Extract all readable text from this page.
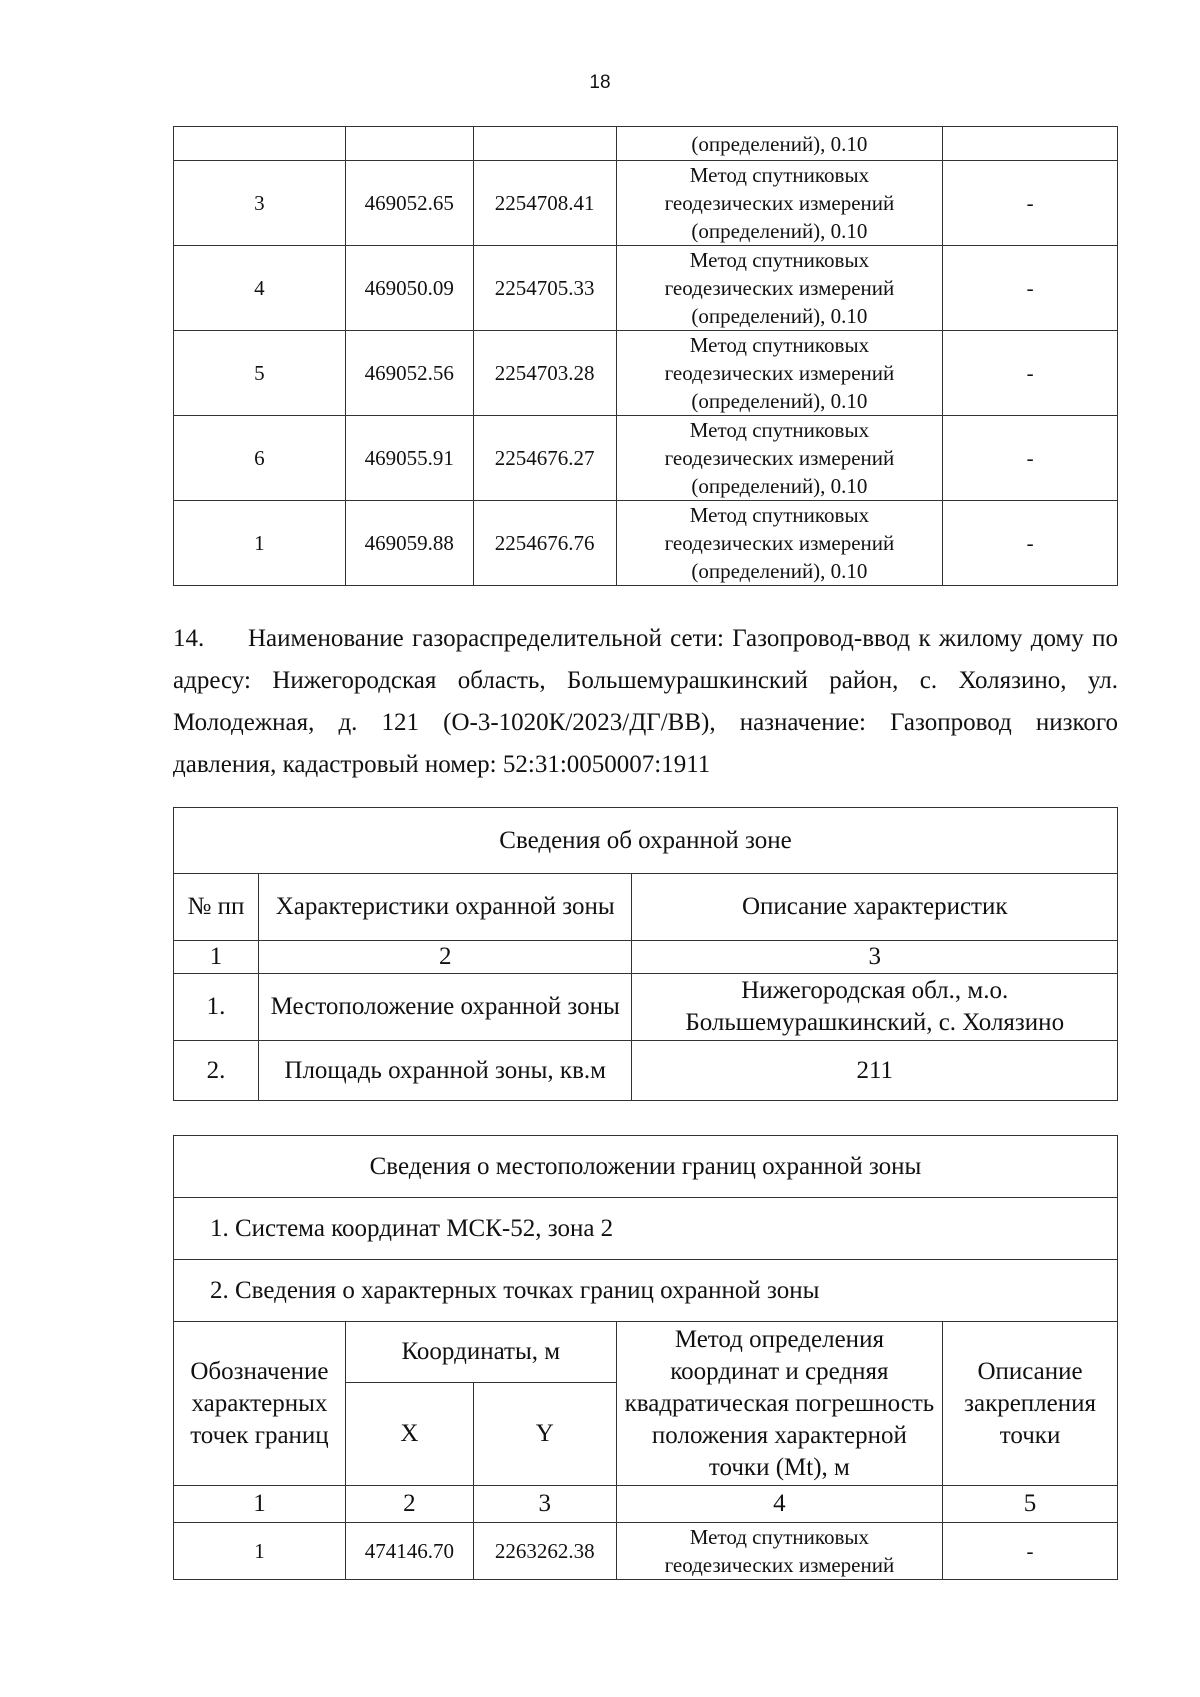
18
			(определений), 0.10	
3	469052.65	2254708.41	Метод спутниковых
геодезических измерений
(определений), 0.10	-
4	469050.09	2254705.33	Метод спутниковых
геодезических измерений
(определений), 0.10	-
5	469052.56	2254703.28	Метод спутниковых
геодезических измерений
(определений), 0.10	-
6	469055.91	2254676.27	Метод спутниковых
геодезических измерений
(определений), 0.10	-
1	469059.88	2254676.76	Метод спутниковых
геодезических измерений
(определений), 0.10	-
14. Наименование газораспределительной сети: Газопровод-ввод к жилому дому по адресу: Нижегородская область, Большемурашкинский район, с. Холязино, ул. Молодежная, д. 121 (О-3-1020К/2023/ДГ/ВВ), назначение: Газопровод низкого давления, кадастровый номер: 52:31:0050007:1911
Сведения об охранной зоне		
№ пп	Характеристики охранной зоны	Описание характеристик
1	2	3
1.	Местоположение охранной зоны	Нижегородская обл., м.о. Большемурашкинский, с. Холязино
2.	Площадь охранной зоны, кв.м	211
Сведения о местоположении границ охранной зоны				
1. Система координат МСК-52, зона 2				
2. Сведения о характерных точках границ охранной зоны				
Обозначение характерных точек границ	Координаты, м		Метод определения координат и средняя квадратическая погрешность положения характерной точки (Mt), м	Описание закрепления точки
	X	Y		
1	2	3	4	5
1	474146.70	2263262.38	Метод спутниковых
геодезических измерений	-
